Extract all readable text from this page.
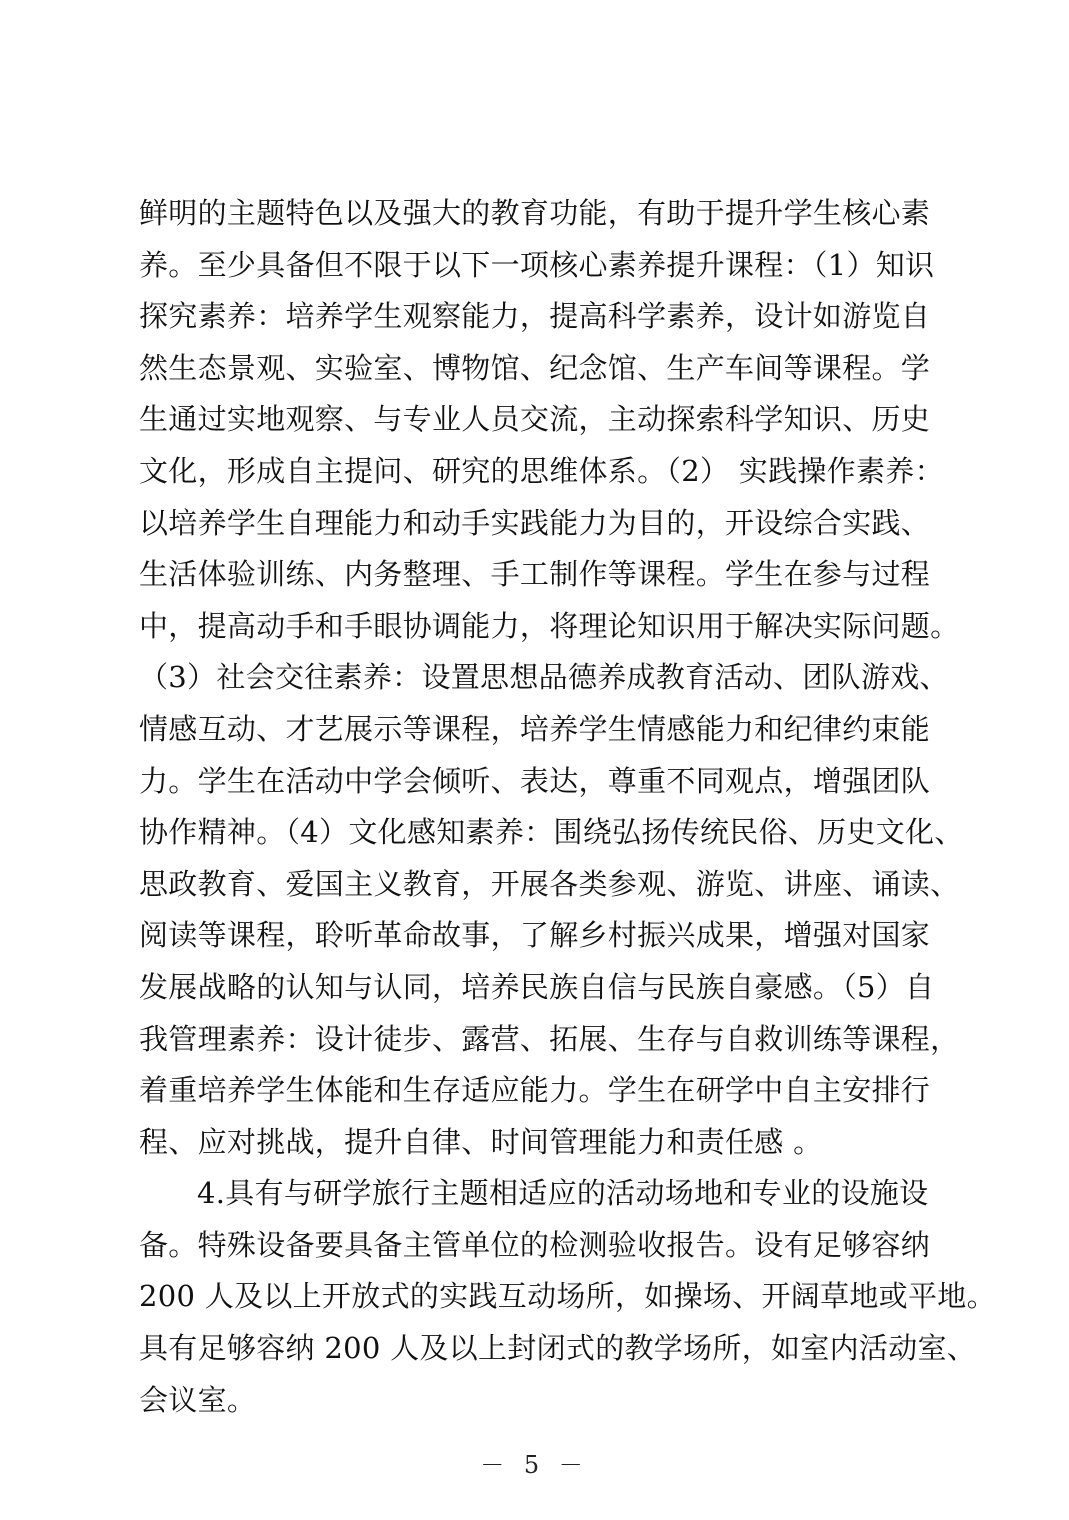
鲜明的主题特色以及强大的教育功能，有助于提升学生核心素
养。至少具备但不限于以下一项核心素养提升课程：（1）知识
探究素养：培养学生观察能力，提高科学素养，设计如游览自
然生态景观、实验室、博物馆、纪念馆、生产车间等课程。学
生通过实地观察、与专业人员交流，主动探索科学知识、历史
文化，形成自主提问、研究的思维体系。（2） 实践操作素养：
以培养学生自理能力和动手实践能力为目的，开设综合实践、
生活体验训练、内务整理、手工制作等课程。学生在参与过程
中，提高动手和手眼协调能力，将理论知识用于解决实际问题。
（3）社会交往素养：设置思想品德养成教育活动、团队游戏、
情感互动、才艺展示等课程，培养学生情感能力和纪律约束能
力。学生在活动中学会倾听、表达，尊重不同观点，增强团队
协作精神。（4）文化感知素养：围绕弘扬传统民俗、历史文化、
思政教育、爱国主义教育，开展各类参观、游览、讲座、诵读、
阅读等课程，聆听革命故事，了解乡村振兴成果，增强对国家
发展战略的认知与认同，培养民族自信与民族自豪感。（5）自
我管理素养：设计徒步、露营、拓展、生存与自救训练等课程，
着重培养学生体能和生存适应能力。学生在研学中自主安排行
程、应对挑战，提升自律、时间管理能力和责任感 。
4.具有与研学旅行主题相适应的活动场地和专业的设施设
备。特殊设备要具备主管单位的检测验收报告。设有足够容纳
200 人及以上开放式的实践互动场所，如操场、开阔草地或平地。
具有足够容纳 200 人及以上封闭式的教学场所，如室内活动室、
会议室。
－ 5 －
